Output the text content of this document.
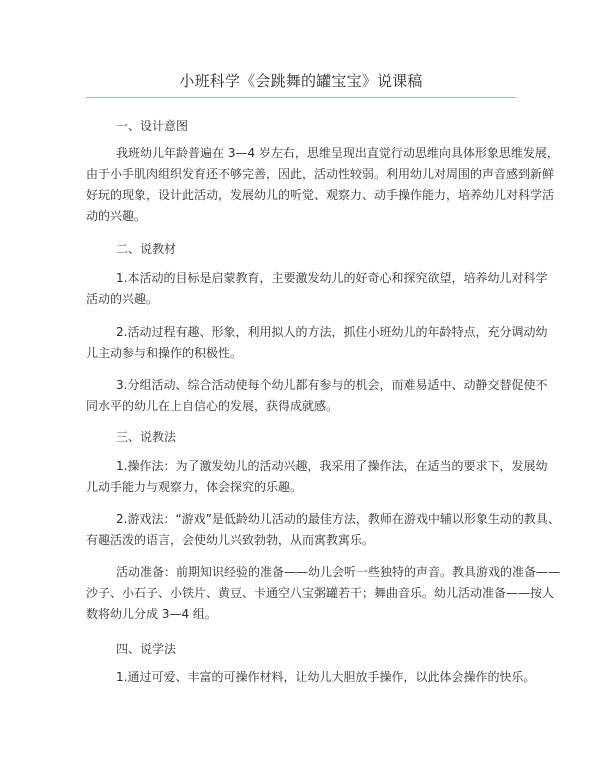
小班科学《会跳舞的罐宝宝》说课稿
一、设计意图
我班幼儿年龄普遍在 3—4 岁左右，思维呈现出直觉行动思维向具体形象思维发展，
由于小手肌肉组织发育还不够完善，因此，活动性较弱。利用幼儿对周围的声音感到新鲜
好玩的现象，设计此活动，发展幼儿的听觉、观察力、动手操作能力，培养幼儿对科学活
动的兴趣。
二、说教材
1.本活动的目标是启蒙教育，主要激发幼儿的好奇心和探究欲望，培养幼儿对科学
活动的兴趣。
2.活动过程有趣、形象，利用拟人的方法，抓住小班幼儿的年龄特点，充分调动幼
儿主动参与和操作的积极性。
3.分组活动、综合活动使每个幼儿都有参与的机会，而难易适中、动静交替促使不
同水平的幼儿在上自信心的发展，获得成就感。
三、说教法
1.操作法：为了激发幼儿的活动兴趣，我采用了操作法，在适当的要求下，发展幼
儿动手能力与观察力，体会探究的乐趣。
2.游戏法：“游戏”是低龄幼儿活动的最佳方法，教师在游戏中辅以形象生动的教具、
有趣活泼的语言，会使幼儿兴致勃勃，从而寓教寓乐。
活动准备：前期知识经验的准备——幼儿会听一些独特的声音。教具游戏的准备——
沙子、小石子、小铁片、黄豆、卡通空八宝粥罐若干；舞曲音乐。幼儿活动准备——按人
数将幼儿分成 3—4 组。
四、说学法
1.通过可爱、丰富的可操作材料，让幼儿大胆放手操作，以此体会操作的快乐。
